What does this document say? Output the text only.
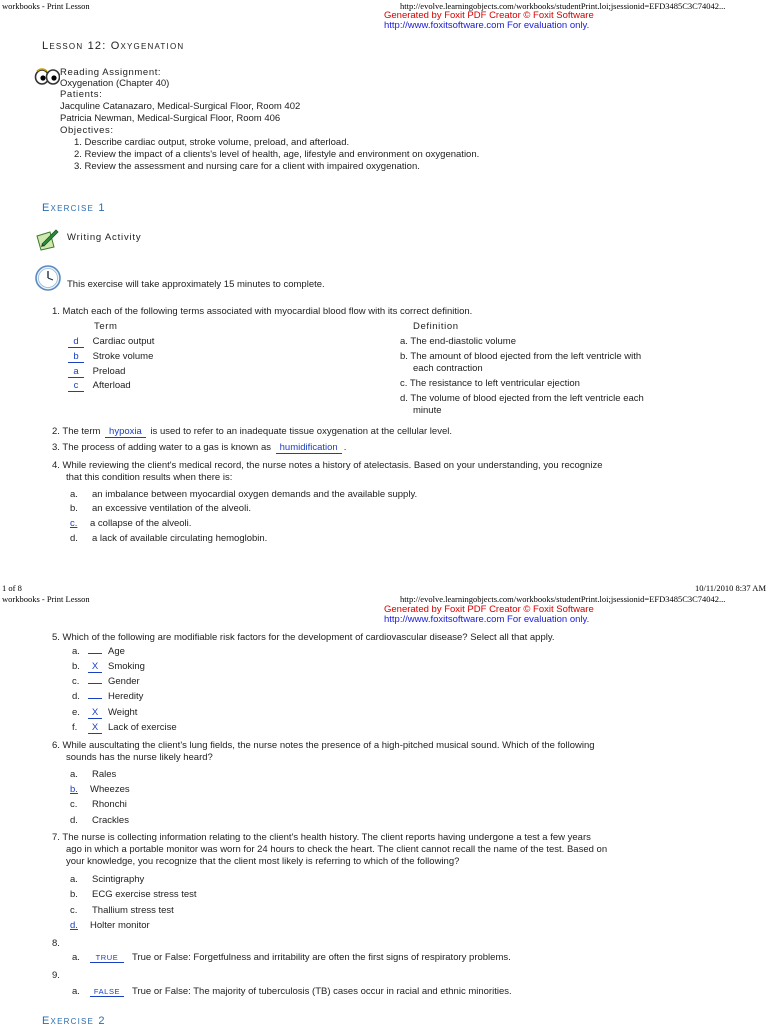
workbooks - Print Lesson	http://evolve.learningobjects.com/workbooks/studentPrint.loi;jsessionid=EFD3485C3C74042...
Generated by Foxit PDF Creator © Foxit Software
http://www.foxitsoftware.com For evaluation only.
Lesson 12: Oxygenation
Reading Assignment:
Oxygenation (Chapter 40)
Patients:
Jacquline Catanazaro, Medical-Surgical Floor, Room 402
Patricia Newman, Medical-Surgical Floor, Room 406
Objectives:
1. Describe cardiac output, stroke volume, preload, and afterload.
2. Review the impact of a clients's level of health, age, lifestyle and environment on oxygenation.
3. Review the assessment and nursing care for a client with impaired oxygenation.
Exercise 1
Writing Activity
This exercise will take approximately 15 minutes to complete.
1. Match each of the following terms associated with myocardial blood flow with its correct definition.
Term	Definition
d Cardiac output
b Stroke volume
a Preload
c Afterload
a. The end-diastolic volume
b. The amount of blood ejected from the left ventricle with
each contraction
c. The resistance to left ventricular ejection
d. The volume of blood ejected from the left ventricle each
minute
2. The term hypoxia is used to refer to an inadequate tissue oxygenation at the cellular level.
3. The process of adding water to a gas is known as humidification .
4. While reviewing the client's medical record, the nurse notes a history of atelectasis. Based on your understanding, you recognize
that this condition results when there is:
a. an imbalance between myocardial oxygen demands and the available supply.
b. an excessive ventilation of the alveoli.
c. a collapse of the alveoli.
d. a lack of available circulating hemoglobin.
1 of 8	10/11/2010 8:37 AM
workbooks - Print Lesson	http://evolve.learningobjects.com/workbooks/studentPrint.loi;jsessionid=EFD3485C3C74042...
Generated by Foxit PDF Creator © Foxit Software
http://www.foxitsoftware.com For evaluation only.
5. Which of the following are modifiable risk factors for the development of cardiovascular disease? Select all that apply.
a.	Age
b. X Smoking
c.	Gender
d.	Heredity
e. X Weight
f. X Lack of exercise
6. While auscultating the client's lung fields, the nurse notes the presence of a high-pitched musical sound. Which of the following
sounds has the nurse likely heard?
a. Rales
b. Wheezes
c. Rhonchi
d. Crackles
7. The nurse is collecting information relating to the client's health history. The client reports having undergone a test a few years
ago in which a portable monitor was worn for 24 hours to check the heart. The client cannot recall the name of the test. Based on
your knowledge, you recognize that the client most likely is referring to which of the following?
a. Scintigraphy
b. ECG exercise stress test
c. Thallium stress test
d. Holter monitor
8.
a. TRUE True or False: Forgetfulness and irritability are often the first signs of respiratory problems.
9.
a. FALSE True or False: The majority of tuberculosis (TB) cases occur in racial and ethnic minorities.
Exercise 2
